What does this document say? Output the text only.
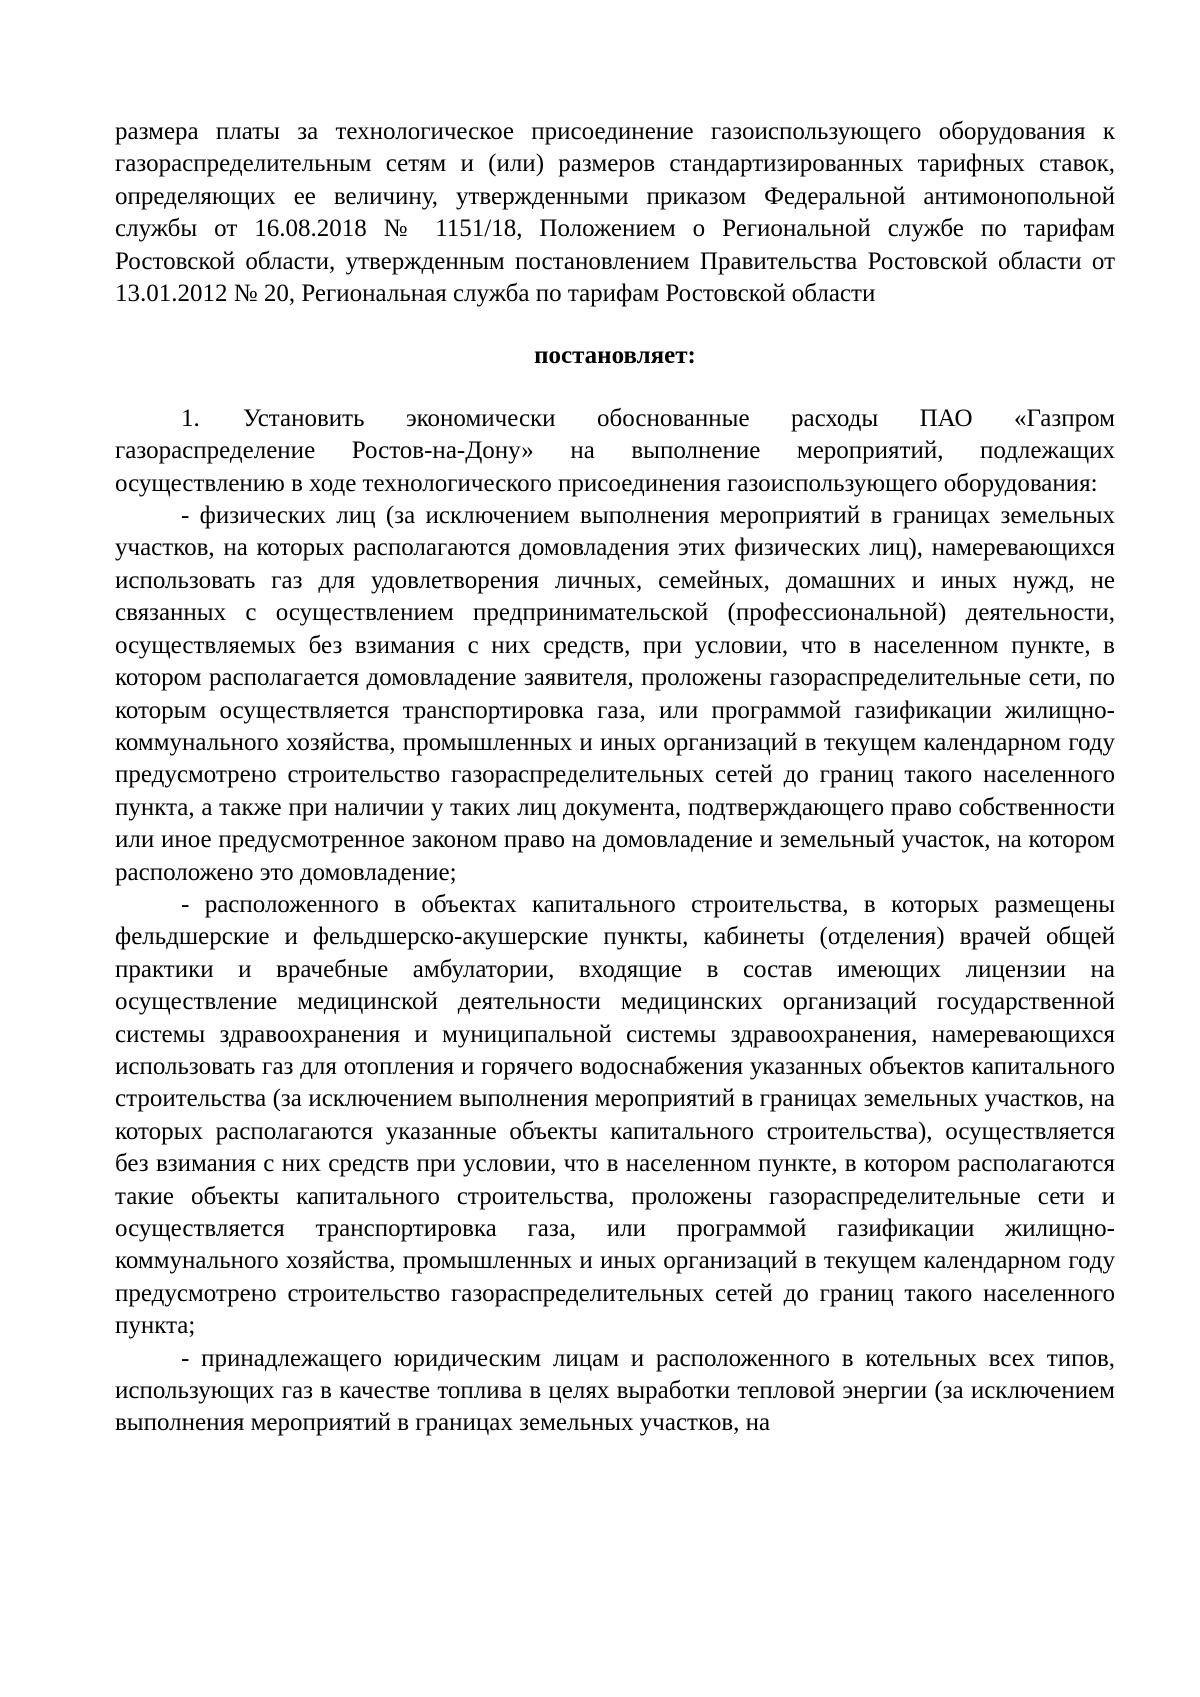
размера платы за технологическое присоединение газоиспользующего оборудования к газораспределительным сетям и (или) размеров стандартизированных тарифных ставок, определяющих ее величину, утвержденными приказом Федеральной антимонопольной службы от 16.08.2018 № 1151/18, Положением о Региональной службе по тарифам Ростовской области, утвержденным постановлением Правительства Ростовской области от 13.01.2012 № 20, Региональная служба по тарифам Ростовской области

постановляет:

1. Установить экономически обоснованные расходы ПАО «Газпром газораспределение Ростов-на-Дону» на выполнение мероприятий, подлежащих осуществлению в ходе технологического присоединения газоиспользующего оборудования:

- физических лиц (за исключением выполнения мероприятий в границах земельных участков, на которых располагаются домовладения этих физических лиц), намеревающихся использовать газ для удовлетворения личных, семейных, домашних и иных нужд, не связанных с осуществлением предпринимательской (профессиональной) деятельности, осуществляемых без взимания с них средств, при условии, что в населенном пункте, в котором располагается домовладение заявителя, проложены газораспределительные сети, по которым осуществляется транспортировка газа, или программой газификации жилищно-коммунального хозяйства, промышленных и иных организаций в текущем календарном году предусмотрено строительство газораспределительных сетей до границ такого населенного пункта, а также при наличии у таких лиц документа, подтверждающего право собственности или иное предусмотренное законом право на домовладение и земельный участок, на котором расположено это домовладение;

- расположенного в объектах капитального строительства, в которых размещены фельдшерские и фельдшерско-акушерские пункты, кабинеты (отделения) врачей общей практики и врачебные амбулатории, входящие в состав имеющих лицензии на осуществление медицинской деятельности медицинских организаций государственной системы здравоохранения и муниципальной системы здравоохранения, намеревающихся использовать газ для отопления и горячего водоснабжения указанных объектов капитального строительства (за исключением выполнения мероприятий в границах земельных участков, на которых располагаются указанные объекты капитального строительства), осуществляется без взимания с них средств при условии, что в населенном пункте, в котором располагаются такие объекты капитального строительства, проложены газораспределительные сети и осуществляется транспортировка газа, или программой газификации жилищно-коммунального хозяйства, промышленных и иных организаций в текущем календарном году предусмотрено строительство газораспределительных сетей до границ такого населенного пункта;

- принадлежащего юридическим лицам и расположенного в котельных всех типов, использующих газ в качестве топлива в целях выработки тепловой энергии (за исключением выполнения мероприятий в границах земельных участков, на
